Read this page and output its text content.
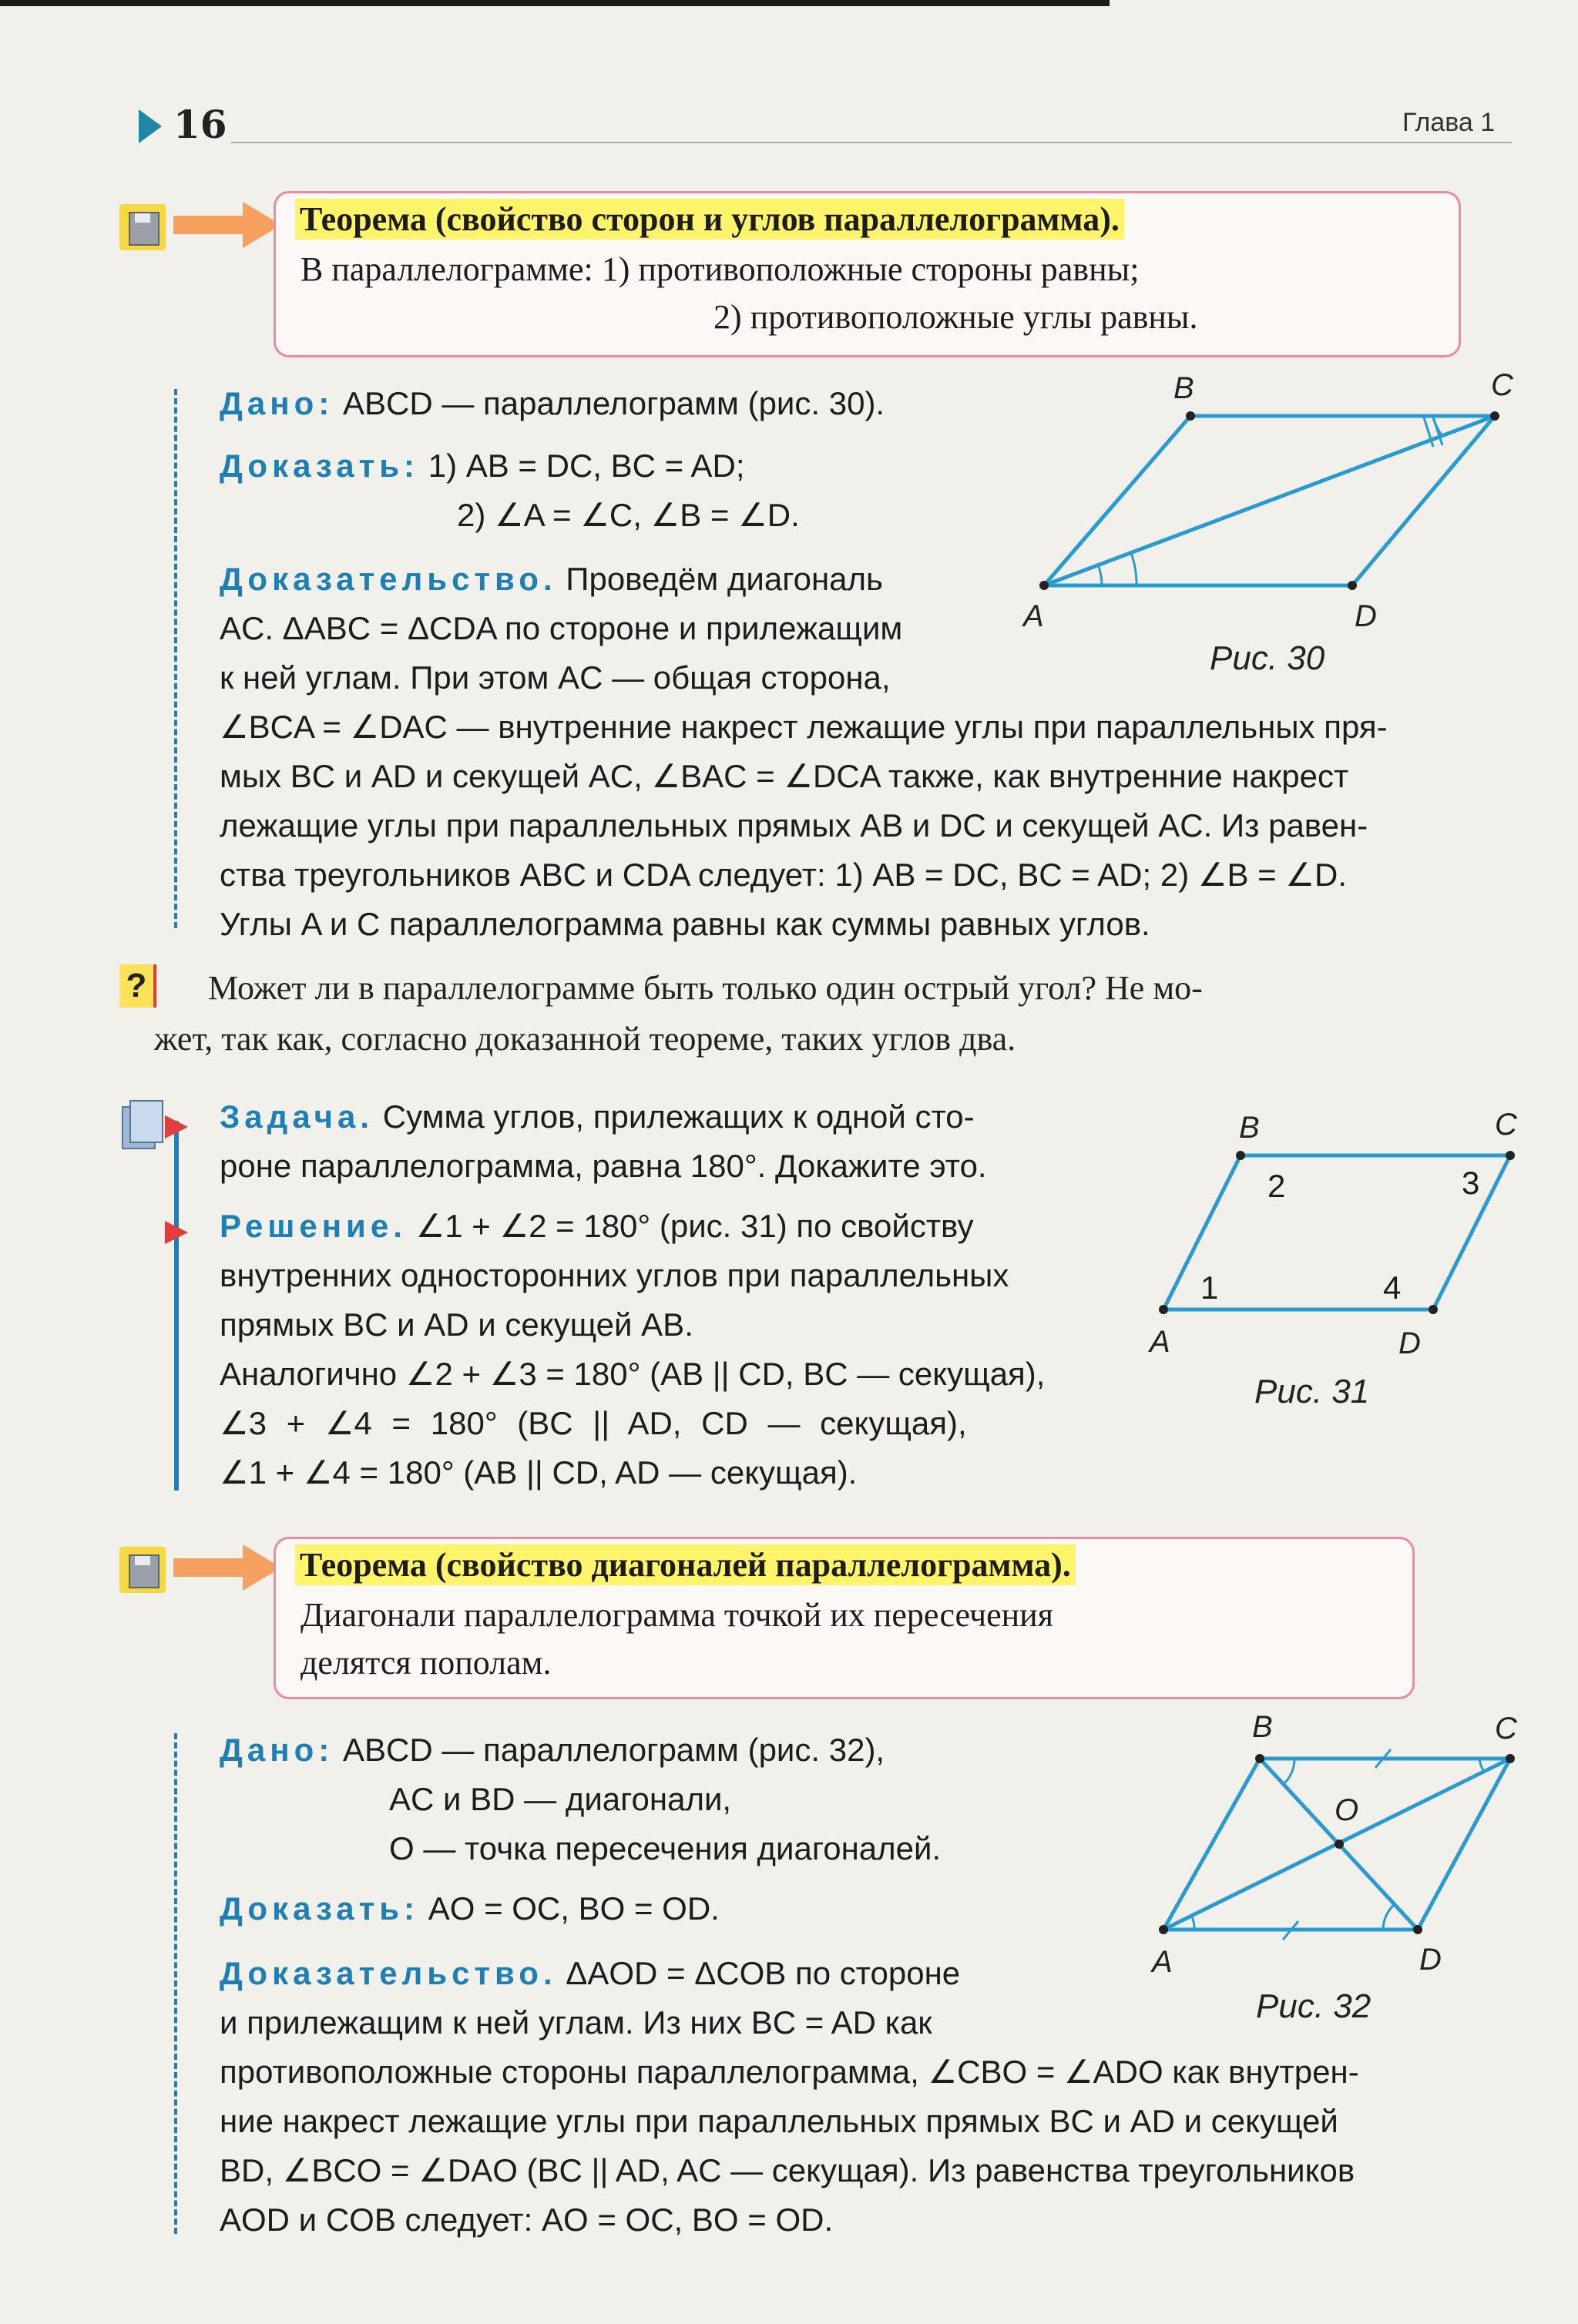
16	Глава 1
Теорема (свойство сторон и углов параллелограмма).
В параллелограмме: 1) противоположные стороны равны;
2) противоположные углы равны.
Дано: ABCD — параллелограмм (рис. 30).
Доказать: 1) AB = DC, BC = AD;
2) ∠A = ∠C, ∠B = ∠D.
Доказательство. Проведём диагональ
AC. ΔABC = ΔCDA по стороне и прилежащим
к ней углам. При этом AC — общая сторона,
∠BCA = ∠DAC — внутренние накрест лежащие углы при параллельных пря-
мых BC и AD и секущей AC, ∠BAC = ∠DCA также, как внутренние накрест
лежащие углы при параллельных прямых AB и DC и секущей AC. Из равен-
ства треугольников ABC и CDA следует: 1) AB = DC, BC = AD; 2) ∠B = ∠D.
Углы A и C параллелограмма равны как суммы равных углов.
B	C
A	D
Рис. 30
? Может ли в параллелограмме быть только один острый угол? Не мо-
жет, так как, согласно доказанной теореме, таких углов два.
Задача. Сумма углов, прилежащих к одной сто-
роне параллелограмма, равна 180°. Докажите это.
Решение. ∠1 + ∠2 = 180° (рис. 31) по свойству
внутренних односторонних углов при параллельных
прямых BC и AD и секущей AB.
Аналогично ∠2 + ∠3 = 180° (AB || CD, BC — секущая),
∠3 + ∠4 = 180° (BC || AD, CD — секущая),
∠1 + ∠4 = 180° (AB || CD, AD — секущая).
B	C
A	D
1
2	3
4
Рис. 31
Теорема (свойство диагоналей параллелограмма).
Диагонали параллелограмма точкой их пересечения
делятся пополам.
Дано: ABCD — параллелограмм (рис. 32),
AC и BD — диагонали,
O — точка пересечения диагоналей.
Доказать: AO = OC, BO = OD.
Доказательство. ΔAOD = ΔCOB по стороне
и прилежащим к ней углам. Из них BC = AD как
противоположные стороны параллелограмма, ∠CBO = ∠ADO как внутрен-
ние накрест лежащие углы при параллельных прямых BC и AD и секущей
BD, ∠BCO = ∠DAO (BC || AD, AC — секущая). Из равенства треугольников
AOD и COB следует: AO = OC, BO = OD.
B	C
O
A	D
Рис. 32
